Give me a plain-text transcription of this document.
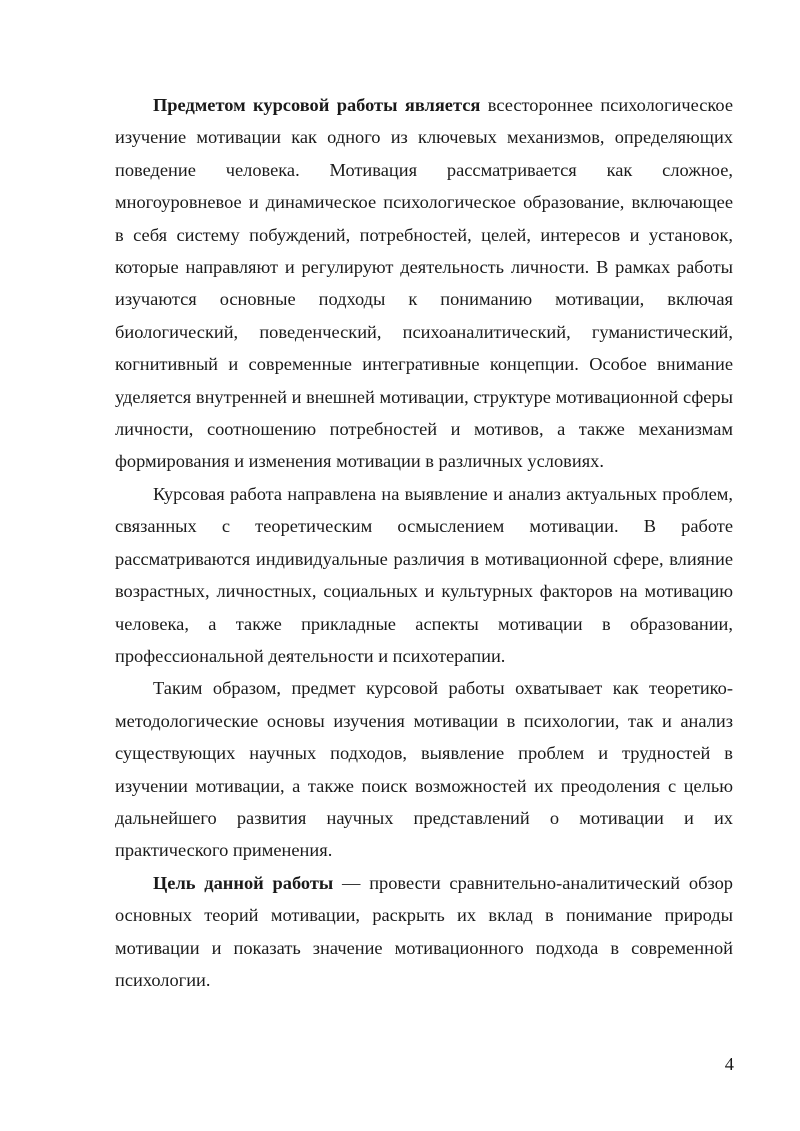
Предметом курсовой работы является всестороннее психологическое изучение мотивации как одного из ключевых механизмов, определяющих поведение человека. Мотивация рассматривается как сложное, многоуровневое и динамическое психологическое образование, включающее в себя систему побуждений, потребностей, целей, интересов и установок, которые направляют и регулируют деятельность личности. В рамках работы изучаются основные подходы к пониманию мотивации, включая биологический, поведенческий, психоаналитический, гуманистический, когнитивный и современные интегративные концепции. Особое внимание уделяется внутренней и внешней мотивации, структуре мотивационной сферы личности, соотношению потребностей и мотивов, а также механизмам формирования и изменения мотивации в различных условиях.

Курсовая работа направлена на выявление и анализ актуальных проблем, связанных с теоретическим осмыслением мотивации. В работе рассматриваются индивидуальные различия в мотивационной сфере, влияние возрастных, личностных, социальных и культурных факторов на мотивацию человека, а также прикладные аспекты мотивации в образовании, профессиональной деятельности и психотерапии.

Таким образом, предмет курсовой работы охватывает как теоретико-методологические основы изучения мотивации в психологии, так и анализ существующих научных подходов, выявление проблем и трудностей в изучении мотивации, а также поиск возможностей их преодоления с целью дальнейшего развития научных представлений о мотивации и их практического применения.

Цель данной работы — провести сравнительно-аналитический обзор основных теорий мотивации, раскрыть их вклад в понимание природы мотивации и показать значение мотивационного подхода в современной психологии.

4
